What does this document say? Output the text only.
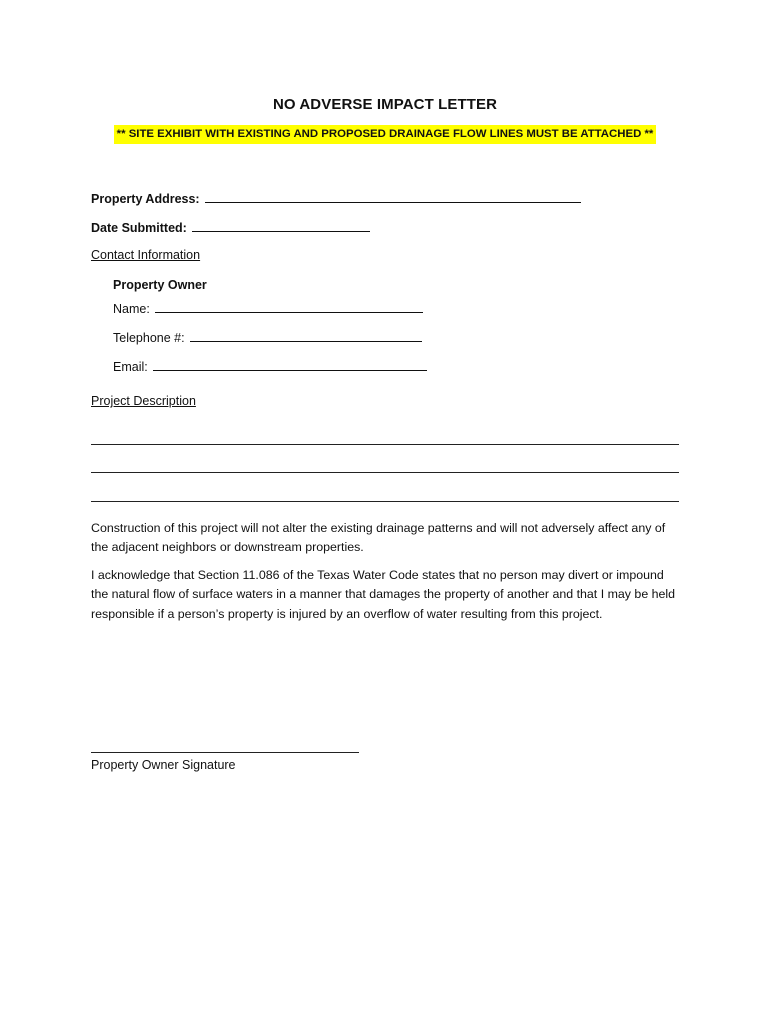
NO ADVERSE IMPACT LETTER
** SITE EXHIBIT WITH EXISTING AND PROPOSED DRAINAGE FLOW LINES MUST BE ATTACHED **
Property Address:
Date Submitted:
Contact Information
Property Owner
Name:
Telephone #:
Email:
Project Description
Construction of this project will not alter the existing drainage patterns and will not adversely affect any of the adjacent neighbors or downstream properties.
I acknowledge that Section 11.086 of the Texas Water Code states that no person may divert or impound the natural flow of surface waters in a manner that damages the property of another and that I may be held responsible if a person’s property is injured by an overflow of water resulting from this project.
Property Owner Signature
